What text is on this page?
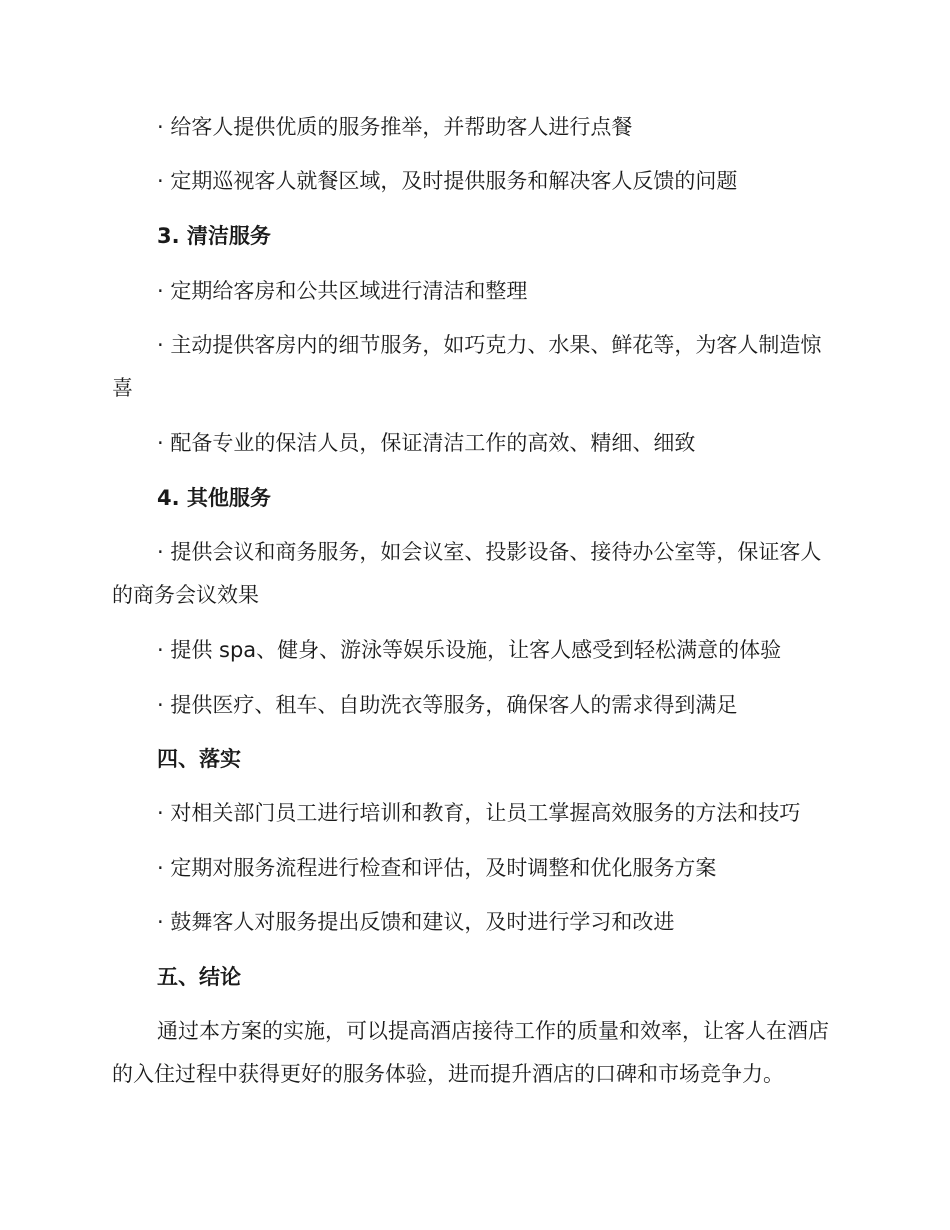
· 给客人提供优质的服务推举，并帮助客人进行点餐
· 定期巡视客人就餐区域，及时提供服务和解决客人反馈的问题
3. 清洁服务
· 定期给客房和公共区域进行清洁和整理
· 主动提供客房内的细节服务，如巧克力、水果、鲜花等，为客人制造惊喜
· 配备专业的保洁人员，保证清洁工作的高效、精细、细致
4. 其他服务
· 提供会议和商务服务，如会议室、投影设备、接待办公室等，保证客人的商务会议效果
· 提供 spa、健身、游泳等娱乐设施，让客人感受到轻松满意的体验
· 提供医疗、租车、自助洗衣等服务，确保客人的需求得到满足
四、落实
· 对相关部门员工进行培训和教育，让员工掌握高效服务的方法和技巧
· 定期对服务流程进行检查和评估，及时调整和优化服务方案
· 鼓舞客人对服务提出反馈和建议，及时进行学习和改进
五、结论
通过本方案的实施，可以提高酒店接待工作的质量和效率，让客人在酒店的入住过程中获得更好的服务体验，进而提升酒店的口碑和市场竞争力。
